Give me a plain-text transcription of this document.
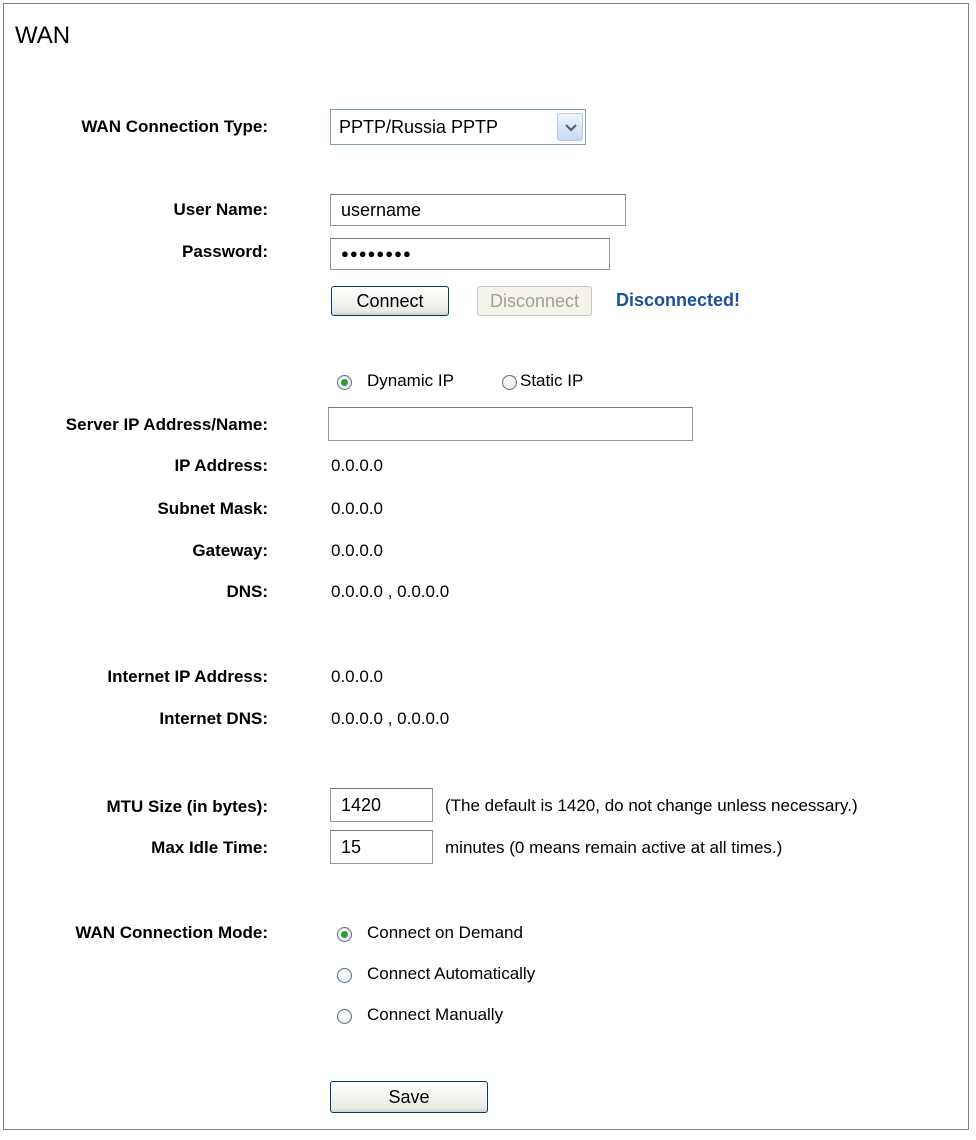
WAN
WAN Connection Type:	PPTP/Russia PPTP
User Name:
username
Password:	●●●●●●●●
Connect	Disconnect	Disconnected!
Dynamic IP	Static IP
Server IP Address/Name:
IP Address:	0.0.0.0
Subnet Mask:	0.0.0.0
Gateway:	0.0.0.0
DNS:	0.0.0.0 , 0.0.0.0
Internet IP Address:	0.0.0.0
Internet DNS:	0.0.0.0 , 0.0.0.0
MTU Size (in bytes):
1420	(The default is 1420, do not change unless necessary.)
Max Idle Time:
15	minutes (0 means remain active at all times.)
WAN Connection Mode:	Connect on Demand
Connect Automatically
Connect Manually
Save
